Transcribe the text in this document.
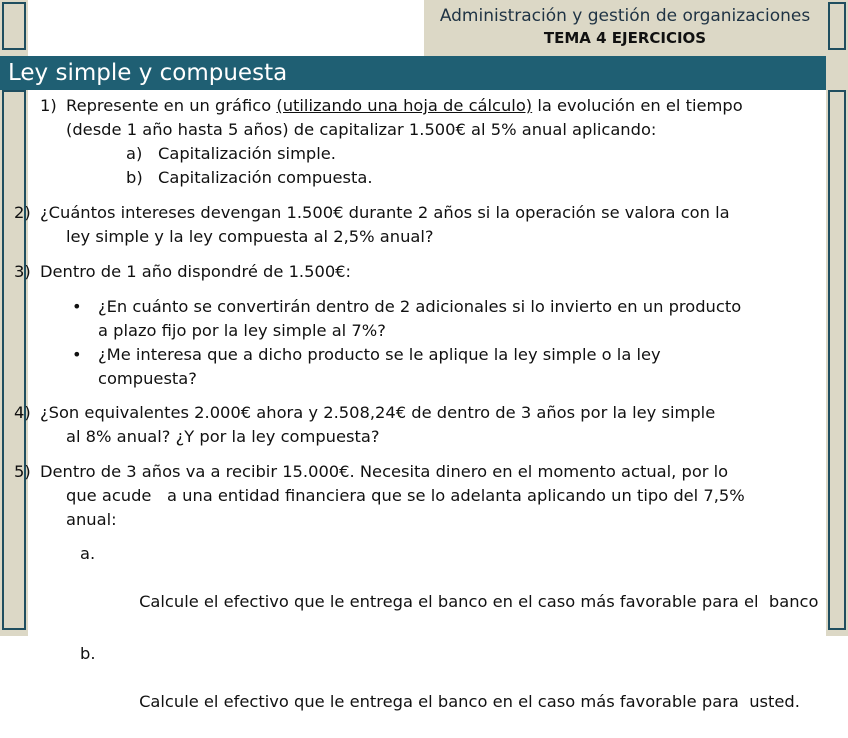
Administración y gestión de organizaciones
TEMA 4 EJERCICIOS
Ley simple y compuesta
1) Represente en un gráfico (utilizando una hoja de cálculo) la evolución en el tiempo
(desde 1 año hasta 5 años) de capitalizar 1.500€ al 5% anual aplicando:
a) Capitalización simple.
b) Capitalización compuesta.
2) ¿Cuántos intereses devengan 1.500€ durante 2 años si la operación se valora con la
ley simple y la ley compuesta al 2,5% anual?
3) Dentro de 1 año dispondré de 1.500€:
• ¿En cuánto se convertirán dentro de 2 adicionales si lo invierto en un producto
a plazo fijo por la ley simple al 7%?
• ¿Me interesa que a dicho producto se le aplique la ley simple o la ley
compuesta?
4) ¿Son equivalentes 2.000€ ahora y 2.508,24€ de dentro de 3 años por la ley simple
al 8% anual? ¿Y por la ley compuesta?
5) Dentro de 3 años va a recibir 15.000€. Necesita dinero en el momento actual, por lo
que acude   a una entidad financiera que se lo adelanta aplicando un tipo del 7,5%
anual:

a.

Calcule el efectivo que le entrega el banco en el caso más favorable para el  banco

b.

Calcule el efectivo que le entrega el banco en el caso más favorable para  usted.
